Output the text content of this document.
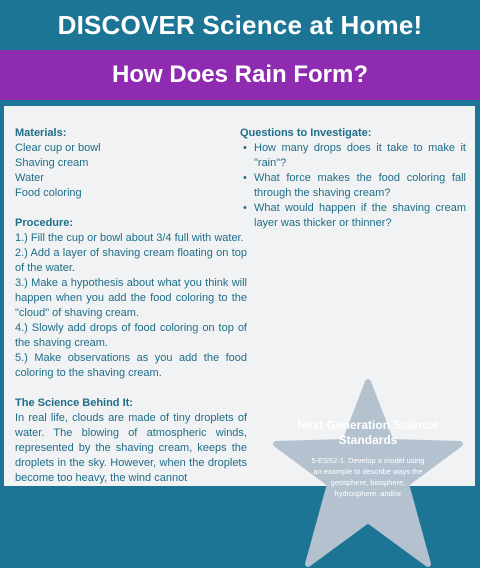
DISCOVER Science at Home!
How Does Rain Form?
Materials:
Clear cup or bowl
Shaving cream
Water
Food coloring
Procedure:
1.) Fill the cup or bowl about 3/4 full with water.
2.) Add a layer of shaving cream floating on top of the water.
3.) Make a hypothesis about what you think will happen when you add the food coloring to the "cloud" of shaving cream.
4.) Slowly add drops of food coloring on top of the shaving cream.
5.) Make observations as you add the food coloring to the shaving cream.
The Science Behind It:
In real life, clouds are made of tiny droplets of water. The blowing of atmospheric winds, represented by the shaving cream, keeps the droplets in the sky. However, when the droplets become too heavy, the wind cannot
Questions to Investigate:
• How many drops does it take to make it "rain"?
• What force makes the food coloring fall through the shaving cream?
• What would happen if the shaving cream layer was thicker or thinner?
Next Generation Science Standards
5-ESS2-1. Develop a model using an example to describe ways the geosphere, biosphere, hydrosphere, and/or
